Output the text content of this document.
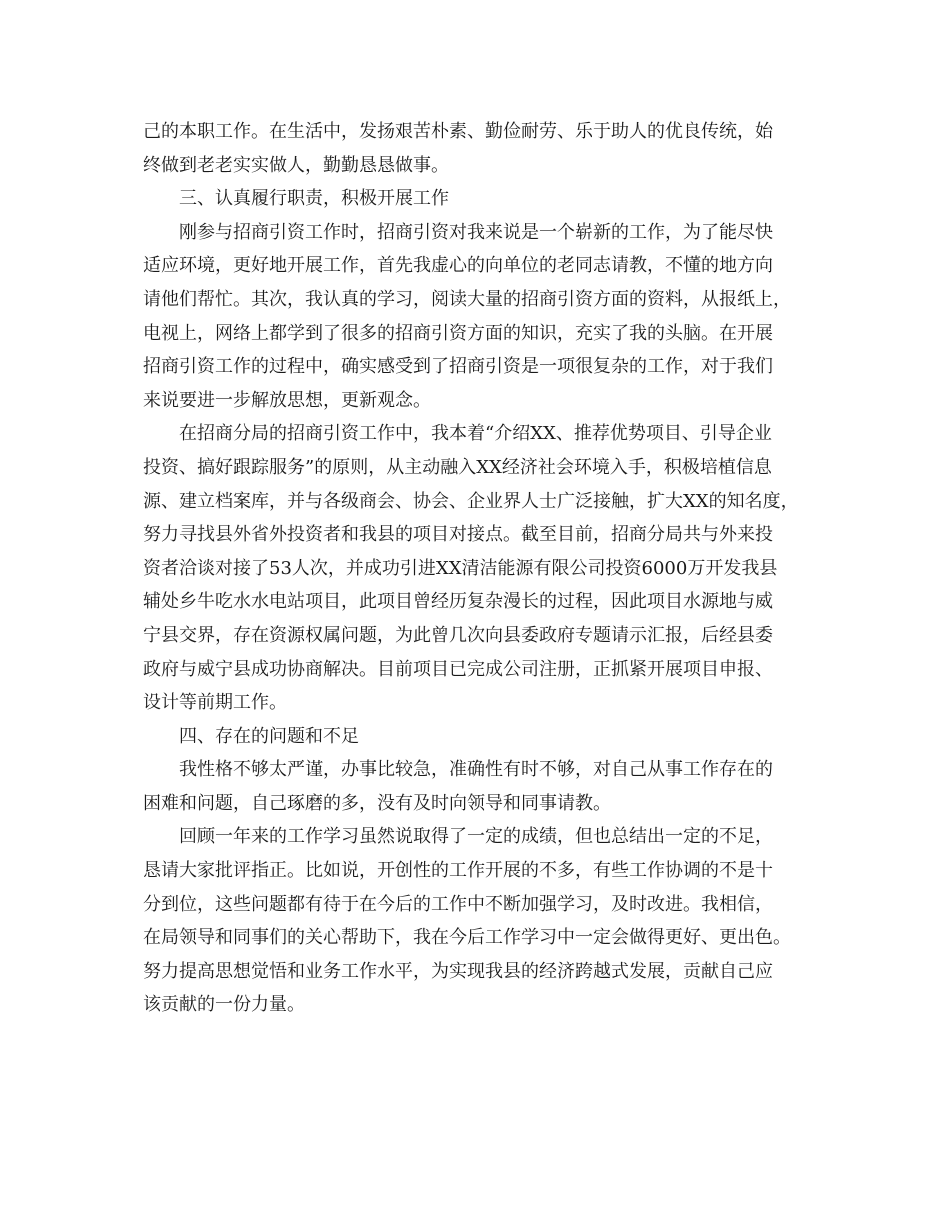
己的本职工作。在生活中，发扬艰苦朴素、勤俭耐劳、乐于助人的优良传统，始
终做到老老实实做人，勤勤恳恳做事。
三、认真履行职责，积极开展工作
刚参与招商引资工作时，招商引资对我来说是一个崭新的工作，为了能尽快
适应环境，更好地开展工作，首先我虚心的向单位的老同志请教，不懂的地方向
请他们帮忙。其次，我认真的学习，阅读大量的招商引资方面的资料，从报纸上，
电视上，网络上都学到了很多的招商引资方面的知识，充实了我的头脑。在开展
招商引资工作的过程中，确实感受到了招商引资是一项很复杂的工作，对于我们
来说要进一步解放思想，更新观念。
在招商分局的招商引资工作中，我本着“介绍XX、推荐优势项目、引导企业
投资、搞好跟踪服务”的原则，从主动融入XX经济社会环境入手，积极培植信息
源、建立档案库，并与各级商会、协会、企业界人士广泛接触，扩大XX的知名度，
努力寻找县外省外投资者和我县的项目对接点。截至目前，招商分局共与外来投
资者洽谈对接了53人次，并成功引进XX清洁能源有限公司投资6000万开发我县
辅处乡牛吃水水电站项目，此项目曾经历复杂漫长的过程，因此项目水源地与威
宁县交界，存在资源权属问题，为此曾几次向县委政府专题请示汇报，后经县委
政府与威宁县成功协商解决。目前项目已完成公司注册，正抓紧开展项目申报、
设计等前期工作。
四、存在的问题和不足
我性格不够太严谨，办事比较急，准确性有时不够，对自己从事工作存在的
困难和问题，自己琢磨的多，没有及时向领导和同事请教。
回顾一年来的工作学习虽然说取得了一定的成绩，但也总结出一定的不足，
恳请大家批评指正。比如说，开创性的工作开展的不多，有些工作协调的不是十
分到位，这些问题都有待于在今后的工作中不断加强学习，及时改进。我相信，
在局领导和同事们的关心帮助下，我在今后工作学习中一定会做得更好、更出色。
努力提高思想觉悟和业务工作水平，为实现我县的经济跨越式发展，贡献自己应
该贡献的一份力量。
